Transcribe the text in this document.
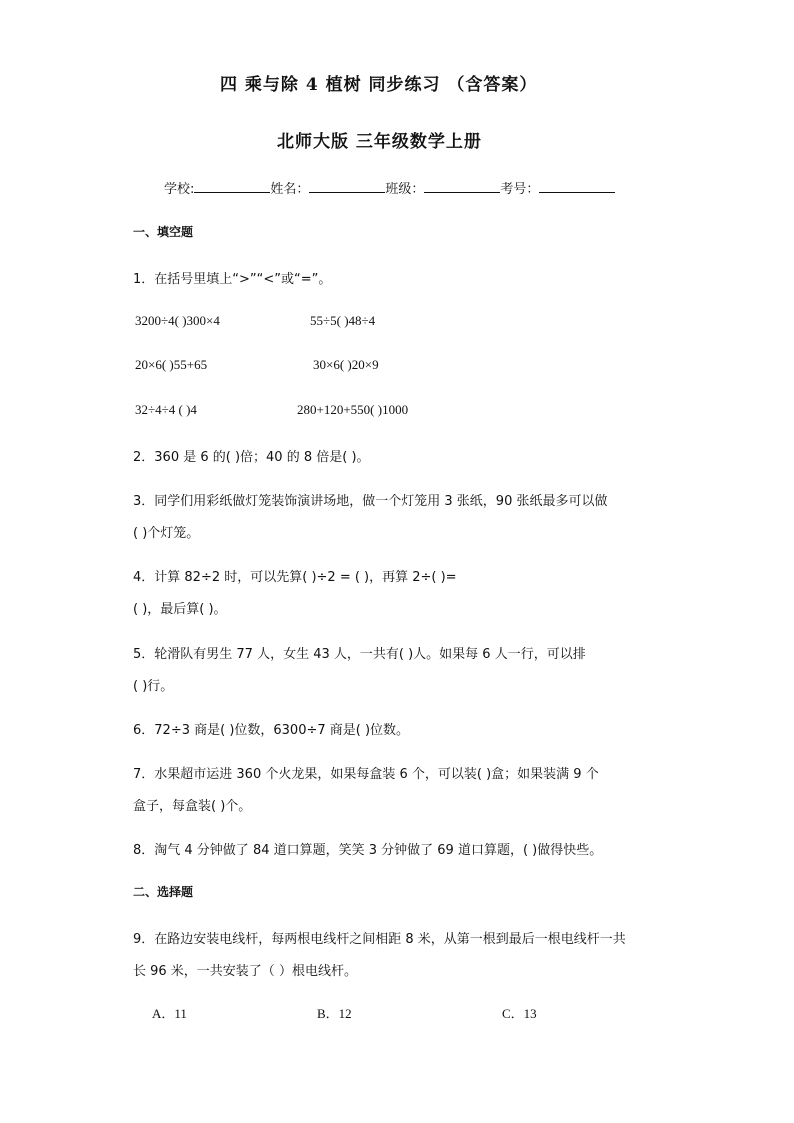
四 乘与除 4 植树 同步练习 （含答案）
北师大版 三年级数学上册
学校:	姓名：	班级：	考号：
一、填空题
1．在括号里填上“>”“<”或“=”。
3200÷4( )300×4	55÷5( )48÷4
20×6( )55+65	30×6( )20×9
32÷4÷4 ( )4	280+120+550( )1000
2．360 是 6 的( )倍；40 的 8 倍是( )。
3．同学们用彩纸做灯笼装饰演讲场地，做一个灯笼用 3 张纸，90 张纸最多可以做
( )个灯笼。
4．计算 82÷2 时，可以先算( )÷2 = ( )，再算 2÷( )=
( )，最后算( )。
5．轮滑队有男生 77 人，女生 43 人，一共有( )人。如果每 6 人一行，可以排
( )行。
6．72÷3 商是( )位数，6300÷7 商是( )位数。
7．水果超市运进 360 个火龙果，如果每盒装 6 个，可以装( )盒；如果装满 9 个
盒子，每盒装( )个。
8．淘气 4 分钟做了 84 道口算题，笑笑 3 分钟做了 69 道口算题，( )做得快些。
二、选择题
9．在路边安装电线杆，每两根电线杆之间相距 8 米，从第一根到最后一根电线杆一共
长 96 米，一共安装了（ ）根电线杆。
A．11	B．12	C．13
